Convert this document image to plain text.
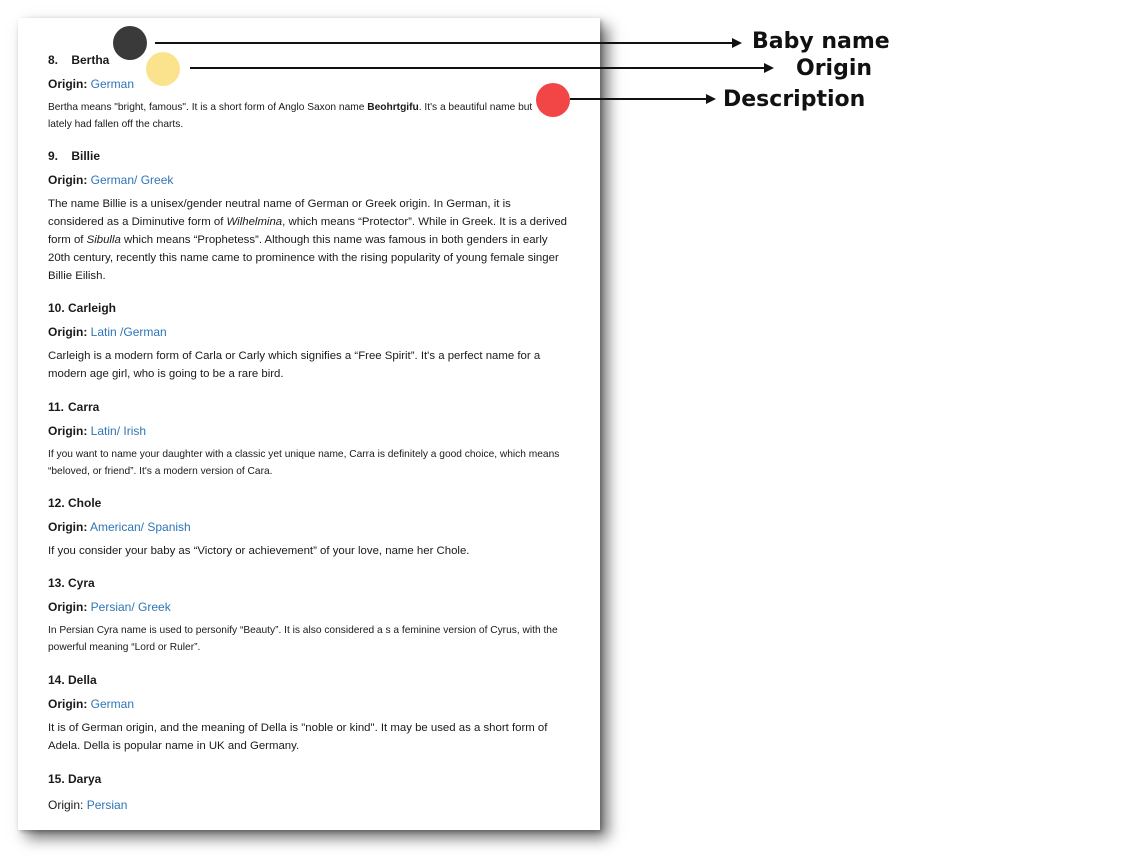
8. Bertha

Origin: German

Bertha means "bright, famous". It is a short form of Anglo Saxon name Beohrtgifu. It's a beautiful name but lately had fallen off the charts.

9. Billie

Origin: German/ Greek

The name Billie is a unisex/gender neutral name of German or Greek origin. In German, it is considered as a Diminutive form of Wilhelmina, which means “Protector”. While in Greek. It is a derived form of Sibulla which means “Prophetess”. Although this name was famous in both genders in early 20th century, recently this name came to prominence with the rising popularity of young female singer Billie Eilish.

10. Carleigh

Origin: Latin /German

Carleigh is a modern form of Carla or Carly which signifies a “Free Spirit”. It's a perfect name for a modern age girl, who is going to be a rare bird.

11. Carra

Origin: Latin/ Irish

If you want to name your daughter with a classic yet unique name, Carra is definitely a good choice, which means “beloved, or friend”. It's a modern version of Cara.

12. Chole

Origin: American/ Spanish

If you consider your baby as “Victory or achievement” of your love, name her Chole.

13. Cyra

Origin: Persian/ Greek

In Persian Cyra name is used to personify “Beauty”. It is also considered a s a feminine version of Cyrus, with the powerful meaning “Lord or Ruler”.

14. Della

Origin: German

It is of German origin, and the meaning of Della is "noble or kind". It may be used as a short form of Adela. Della is popular name in UK and Germany.

15. Darya

Origin: Persian

Baby name
Origin
Description
